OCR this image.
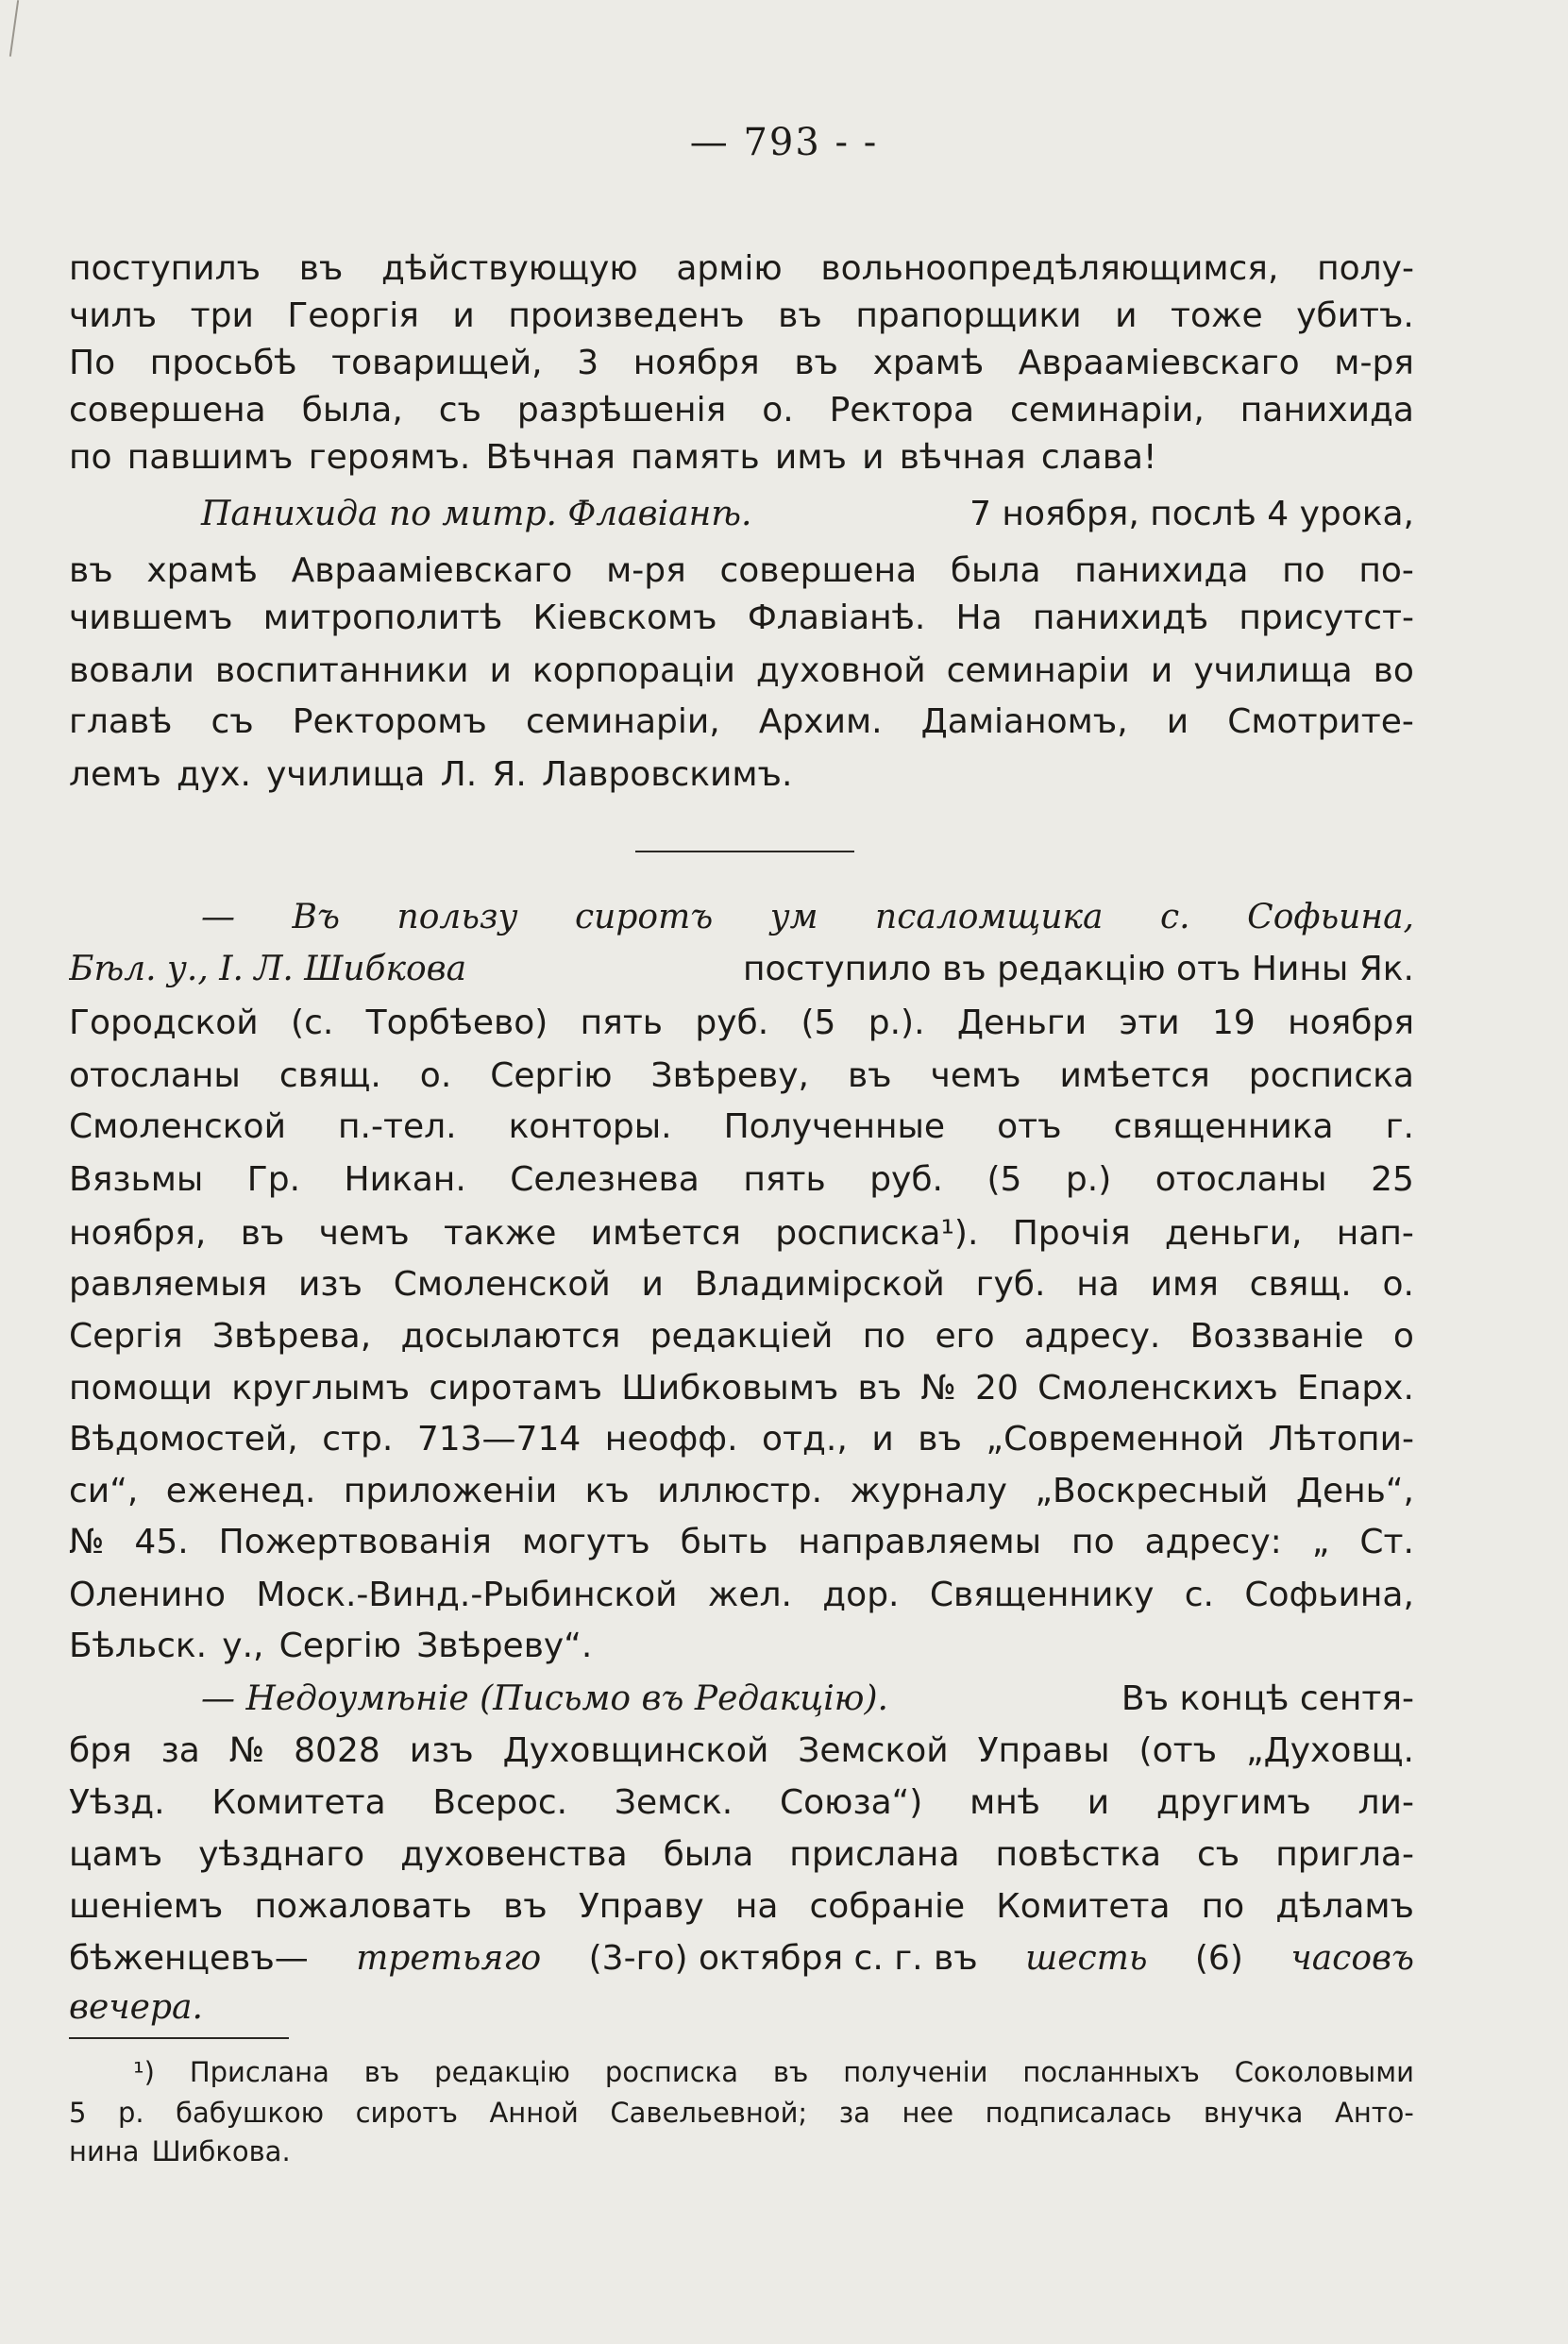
— 793 - -
поступилъ въ дѣйствующую армію вольноопредѣляющимся, полу-
чилъ три Георгія и произведенъ въ прапорщики и тоже убитъ.
По просьбѣ товарищей, 3 ноября въ храмѣ Авраамiевскаго м-ря
совершена была, съ разрѣшенія о. Ректора семинаріи, панихида
по павшимъ героямъ. Вѣчная память имъ и вѣчная слава!
Панихида по митр. Флавіанѣ.	7 ноября, послѣ 4 урока,
въ храмѣ Авраамiевскаго м-ря совершена была панихида по по-
чившемъ митрополитѣ Кіевскомъ Флавіанѣ. На панихидѣ присутст-
вовали воспитанники и корпораціи духовной семинаріи и училища во
главѣ съ Ректоромъ семинаріи, Архим. Даміаномъ, и Смотрите-
лемъ дух. училища Л. Я. Лавровскимъ.
— Въ пользу сиротъ ум псаломщика с. Софьина,
Бѣл. у., І. Л. Шибкова	поступило въ редакцію отъ Нины Як.
Городской (с. Торбѣево) пять руб. (5 р.). Деньги эти 19 ноября
отосланы свящ. о. Сергію Звѣреву, въ чемъ имѣется росписка
Смоленской п.-тел. конторы. Полученные отъ священника г.
Вязьмы Гр. Никан. Селезнева пять руб. (5 р.) отосланы 25
ноября, въ чемъ также имѣется росписка¹). Прочія деньги, нап-
равляемыя изъ Смоленской и Владимірской губ. на имя свящ. о.
Сергія Звѣрева, досылаются редакціей по его адресу. Воззваніе о
помощи круглымъ сиротамъ Шибковымъ въ № 20 Смоленскихъ Епарх.
Вѣдомостей, стр. 713—714 неофф. отд., и въ „Современной Лѣтопи-
си“, еженед. приложеніи къ иллюстр. журналу „Воскресный День“,
№ 45. Пожертвованія могутъ быть направляемы по адресу: „ Ст.
Оленино Моск.-Винд.-Рыбинской жел. дор. Священнику с. Софьина,
Бѣльск. у., Сергію Звѣреву“.
— Недоумѣніе (Письмо въ Редакцію).	Въ концѣ сентя-
бря за № 8028 изъ Духовщинской Земской Управы (отъ „Духовщ.
Уѣзд. Комитета Всерос. Земск. Союза“) мнѣ и другимъ ли-
цамъ уѣзднаго духовенства была прислана повѣстка съ пригла-
шеніемъ пожаловать въ Управу на собраніе Комитета по дѣламъ
бѣженцевъ— третьяго (3-го) октября с. г. въ шесть (6) часовъ
вечера.
¹) Прислана въ редакцію росписка въ полученіи посланныхъ Соколовыми
5 р. бабушкою сиротъ Анной Савельевной; за нее подписалась внучка Анто-
нина Шибкова.
